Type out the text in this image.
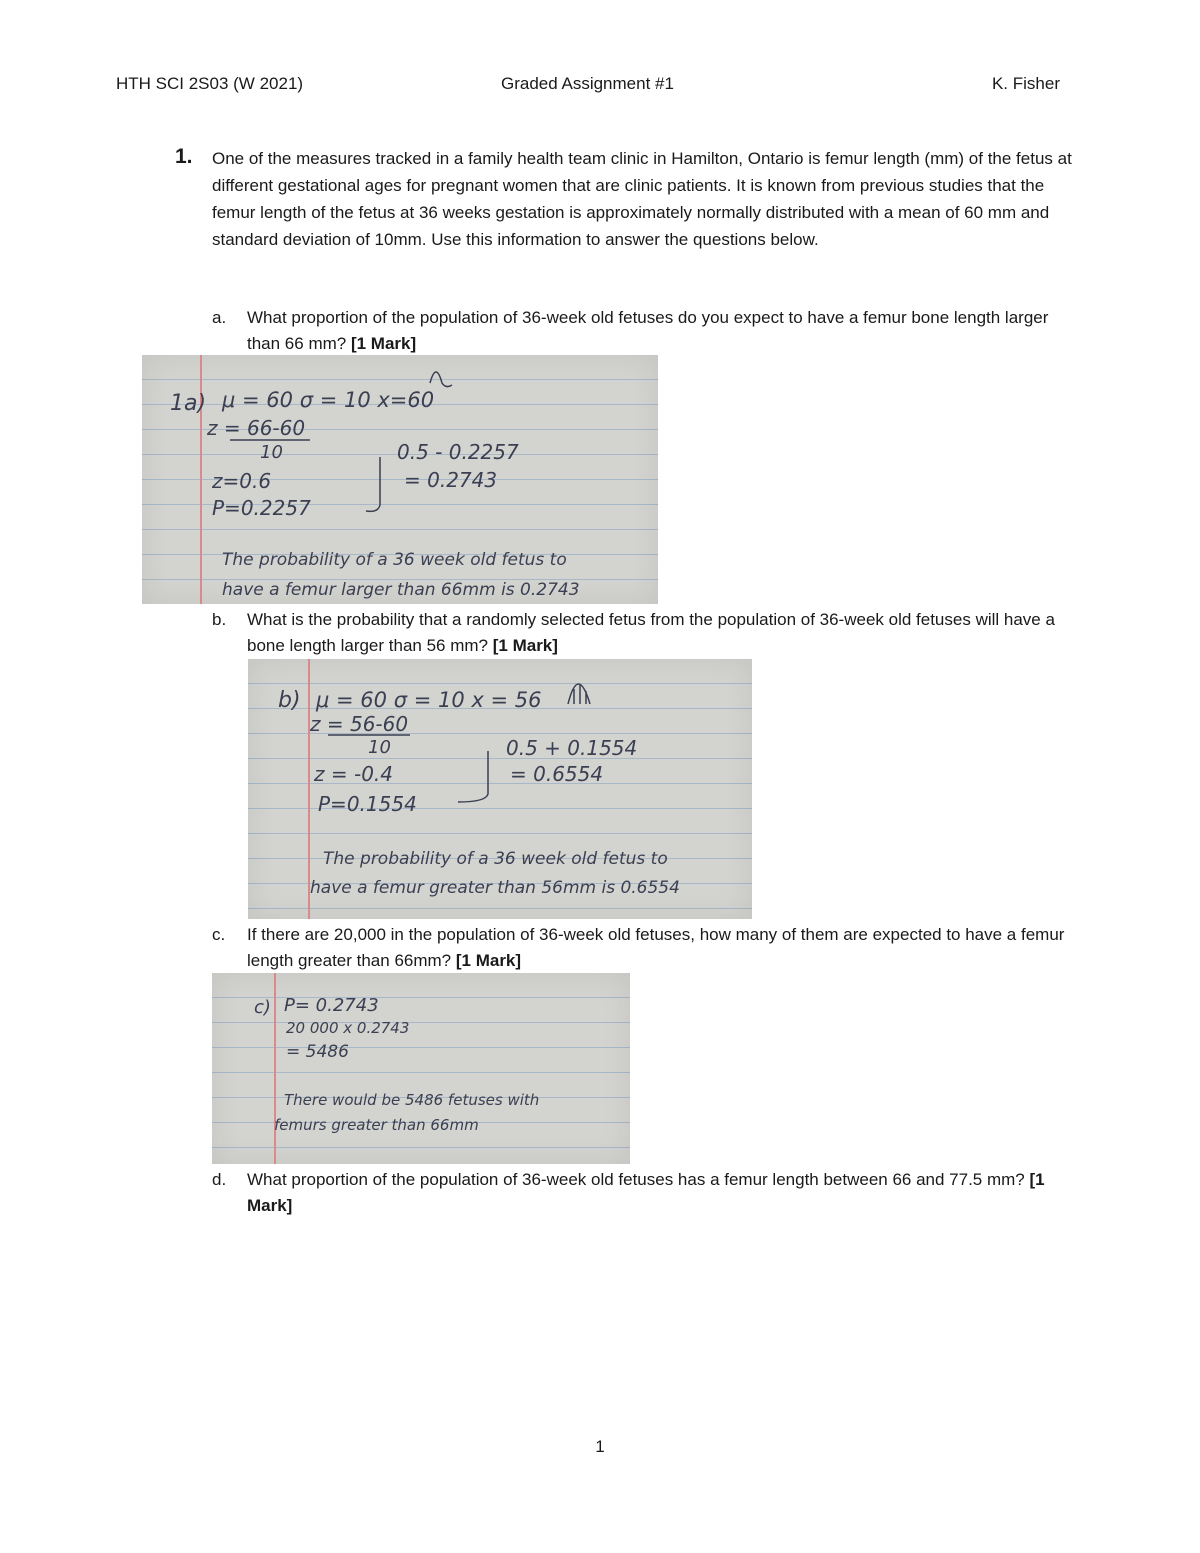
HTH SCI 2S03 (W 2021)	Graded Assignment #1	K. Fisher
1. One of the measures tracked in a family health team clinic in Hamilton, Ontario is femur length (mm) of the fetus at different gestational ages for pregnant women that are clinic patients. It is known from previous studies that the femur length of the fetus at 36 weeks gestation is approximately normally distributed with a mean of 60 mm and standard deviation of 10mm. Use this information to answer the questions below.

a. What proportion of the population of 36-week old fetuses do you expect to have a femur bone length larger than 66 mm? [1 Mark]
1a) μ = 60 σ = 10 x=60
z = 66-60
10
z=0.6
P=0.2257
0.5 - 0.2257
= 0.2743
The probability of a 36 week old fetus to
have a femur larger than 66mm is 0.2743
b. What is the probability that a randomly selected fetus from the population of 36-week old fetuses will have a bone length larger than 56 mm? [1 Mark]
b) μ = 60 σ = 10 x = 56
z = 56-60
10
z = -0.4
P=0.1554
0.5 + 0.1554
= 0.6554
The probability of a 36 week old fetus to
have a femur greater than 56mm is 0.6554
c. If there are 20,000 in the population of 36-week old fetuses, how many of them are expected to have a femur length greater than 66mm? [1 Mark]
c) P= 0.2743
20 000 x 0.2743
= 5486
There would be 5486 fetuses with
femurs greater than 66mm
d. What proportion of the population of 36-week old fetuses has a femur length between 66 and 77.5 mm? [1 Mark]
1
